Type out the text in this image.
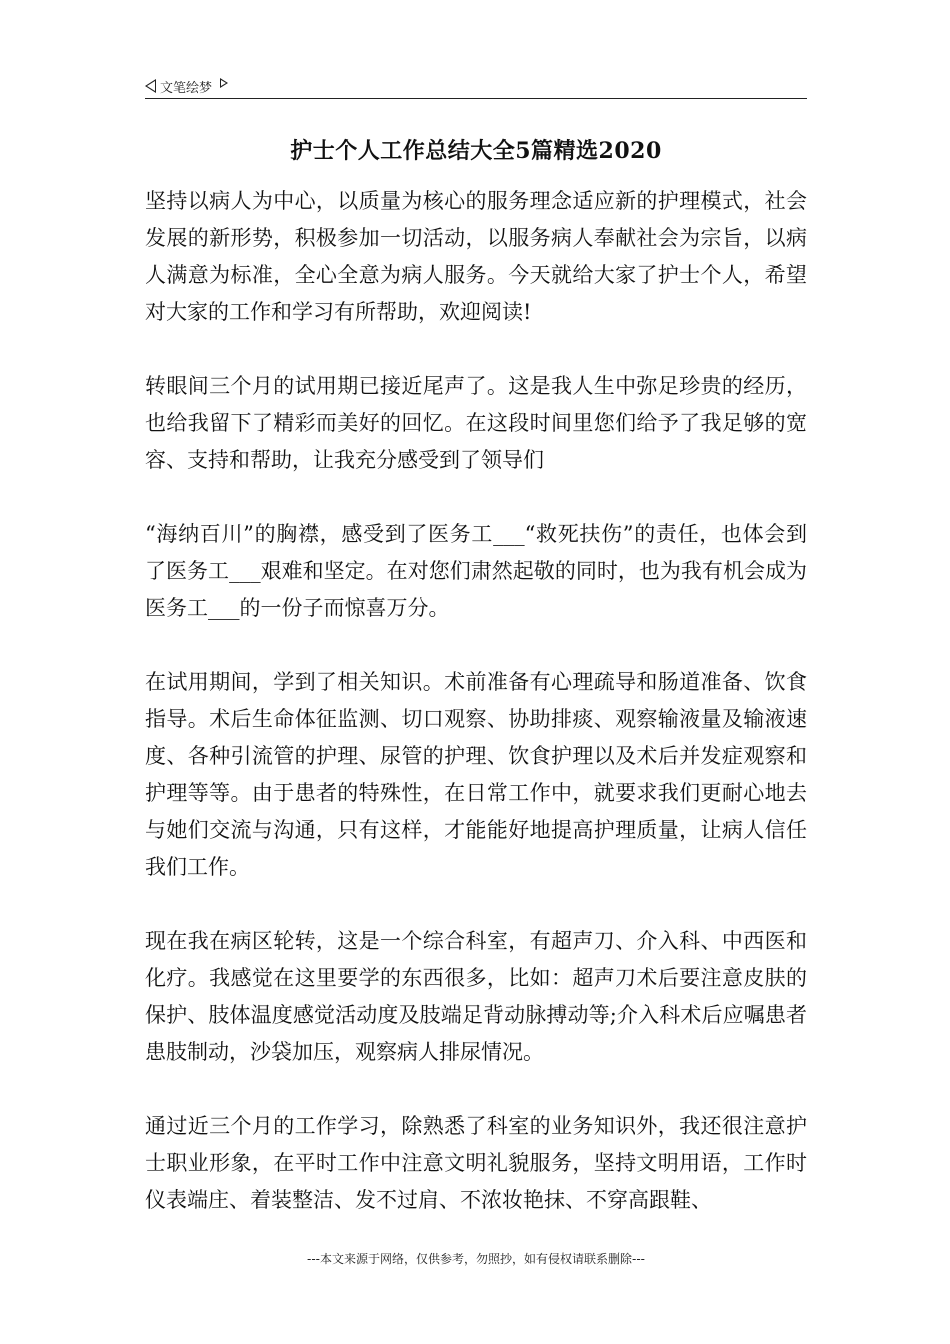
文笔绘梦
护士个人工作总结大全5篇精选2020

坚持以病人为中心，以质量为核心的服务理念适应新的护理模式，社会发展的新形势，积极参加一切活动，以服务病人奉献社会为宗旨，以病人满意为标准，全心全意为病人服务。今天就给大家了护士个人，希望对大家的工作和学习有所帮助，欢迎阅读!

转眼间三个月的试用期已接近尾声了。这是我人生中弥足珍贵的经历，也给我留下了精彩而美好的回忆。在这段时间里您们给予了我足够的宽容、支持和帮助，让我充分感受到了领导们

“海纳百川”的胸襟，感受到了医务工___“救死扶伤”的责任，也体会到了医务工___艰难和坚定。在对您们肃然起敬的同时，也为我有机会成为医务工___的一份子而惊喜万分。

在试用期间，学到了相关知识。术前准备有心理疏导和肠道准备、饮食指导。术后生命体征监测、切口观察、协助排痰、观察输液量及输液速度、各种引流管的护理、尿管的护理、饮食护理以及术后并发症观察和护理等等。由于患者的特殊性，在日常工作中，就要求我们更耐心地去与她们交流与沟通，只有这样，才能能好地提高护理质量，让病人信任我们工作。

现在我在病区轮转，这是一个综合科室，有超声刀、介入科、中西医和化疗。我感觉在这里要学的东西很多，比如：超声刀术后要注意皮肤的保护、肢体温度感觉活动度及肢端足背动脉搏动等;介入科术后应嘱患者患肢制动，沙袋加压，观察病人排尿情况。

通过近三个月的工作学习，除熟悉了科室的业务知识外，我还很注意护士职业形象，在平时工作中注意文明礼貌服务，坚持文明用语，工作时仪表端庄、着装整洁、发不过肩、不浓妆艳抹、不穿高跟鞋、

---本文来源于网络，仅供参考，勿照抄，如有侵权请联系删除---
